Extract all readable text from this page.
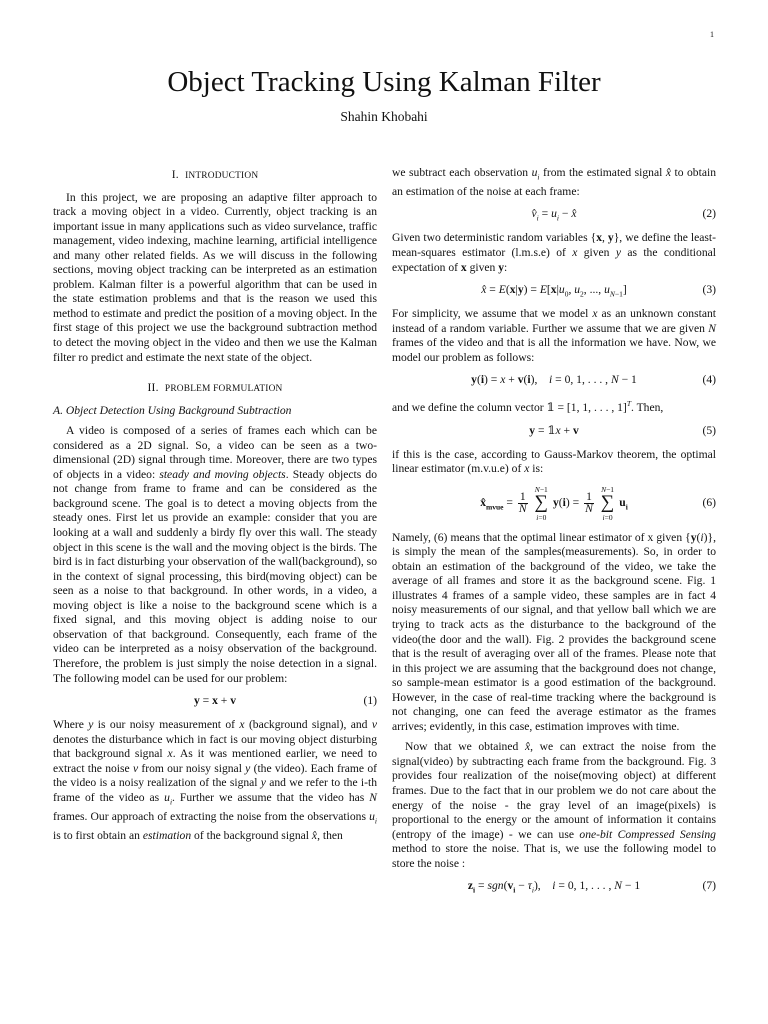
1
Object Tracking Using Kalman Filter
Shahin Khobahi
I. INTRODUCTION

In this project, we are proposing an adaptive filter approach to track a moving object in a video. Currently, object tracking is an important issue in many applications such as video survelance, traffic management, video indexing, machine learning, artificial intelligence and many other related fields. As we will discuss in the following sections, moving object tracking can be interpreted as an estimation problem. Kalman filter is a powerful algorithm that can be used in the state estimation problems and that is the reason we used this method to estimate and predict the position of a moving object. In the first stage of this project we use the background subtraction method to detect the moving object in the video and then we use the Kalman filter ro predict and estimate the next state of the object.

II. PROBLEM FORMULATION
A. Object Detection Using Background Subtraction

A video is composed of a series of frames each which can be considered as a 2D signal. So, a video can be seen as a two-dimensional (2D) signal through time. Moreover, there are two types of objects in a video: steady and moving objects. Steady objects do not change from frame to frame and can be considered as the background scene. The goal is to detect a moving objects from the steady ones. First let us provide an example: consider that you are looking at a wall and suddenly a birdy fly over this wall. The steady object in this scene is the wall and the moving object is the birds. The bird is in fact disturbing your observation of the wall(background), so in the context of signal processing, this bird(moving object) can be seen as a noise to that background. In other words, in a video, a moving object is like a noise to the background scene which is a fixed signal, and this moving object is adding noise to our observation of that background. Consequently, each frame of the video can be interpreted as a noisy observation of the background. Therefore, the problem is just simply the noise detection in a signal. The following model can be used for our problem:

y = x + v	(1)

Where y is our noisy measurement of x (background signal), and v denotes the disturbance which in fact is our moving object disturbing that background signal x. As it was mentioned earlier, we need to extract the noise v from our noisy signal y (the video). Each frame of the video is a noisy realization of the signal y and we refer to the i-th frame of the video as $u_i$. Further we assume that the video has N frames. Our approach of extracting the noise from the observations $u_i$ is to first obtain an estimation of the background signal x̂, then

we subtract each observation $u_i$ from the estimated signal x̂ to obtain an estimation of the noise at each frame:

$v̂_i = u_i$ − x̂	(2)

Given two deterministic random variables {x, y}, we define the least-mean-squares estimator (l.m.s.e) of x given y as the conditional expectation of x given y:

x̂ = $E(x|y) = E[x|u_0$, $u_2$, ..., $u_{N-1}$]	(3)

For simplicity, we assume that we model x as an unknown constant instead of a random variable. Further we assume that we are given N frames of the video and that is all the information we have. Now, we model our problem as follows:

y(i) = x + v(i),    i = 0, 1, . . . , N − 1	(4)

and we define the column vector 𝟙 = [1, 1, . . . , 1]$^T$. Then,

y = 𝟙x + v	(5)

if this is the case, according to Gauss-Markov theorem, the optimal linear estimator (m.v.u.e) of x is:

$x̂_{mvue} = \frac{1}{N} N-1$
∑
i=0 $y(i) = \frac{1}{N} N-1$
∑
i=0 $u_i$	(6)

Namely, (6) means that the optimal linear estimator of x given {y(i)}, is simply the mean of the samples(measurements). So, in order to obtain an estimation of the background of the video, we take the average of all frames and store it as the background scene. Fig. 1 illustrates 4 frames of a sample video, these samples are in fact 4 noisy measurements of our signal, and that yellow ball which we are trying to track acts as the disturbance to the background of the video(the door and the wall). Fig. 2 provides the background scene that is the result of averaging over all of the frames. Please note that in this project we are assuming that the background does not change, so sample-mean estimator is a good estimation of the background. However, in the case of real-time tracking where the background is not changing, one can feed the average estimator as the frames arrives; evidently, in this case, estimation improves with time.

Now that we obtained x̂, we can extract the noise from the signal(video) by subtracting each frame from the background. Fig. 3 provides four realization of the noise(moving object) at different frames. Due to the fact that in our problem we do not care about the energy of the noise - the gray level of an image(pixels) is proportional to the energy or the amount of information it contains (entropy of the image) - we can use one-bit Compressed Sensing method to store the noise. That is, we use the following model to store the noise :

$z_i = sgn(v_i - \tau_i)$,    i = 0, 1, . . . , N − 1	(7)
